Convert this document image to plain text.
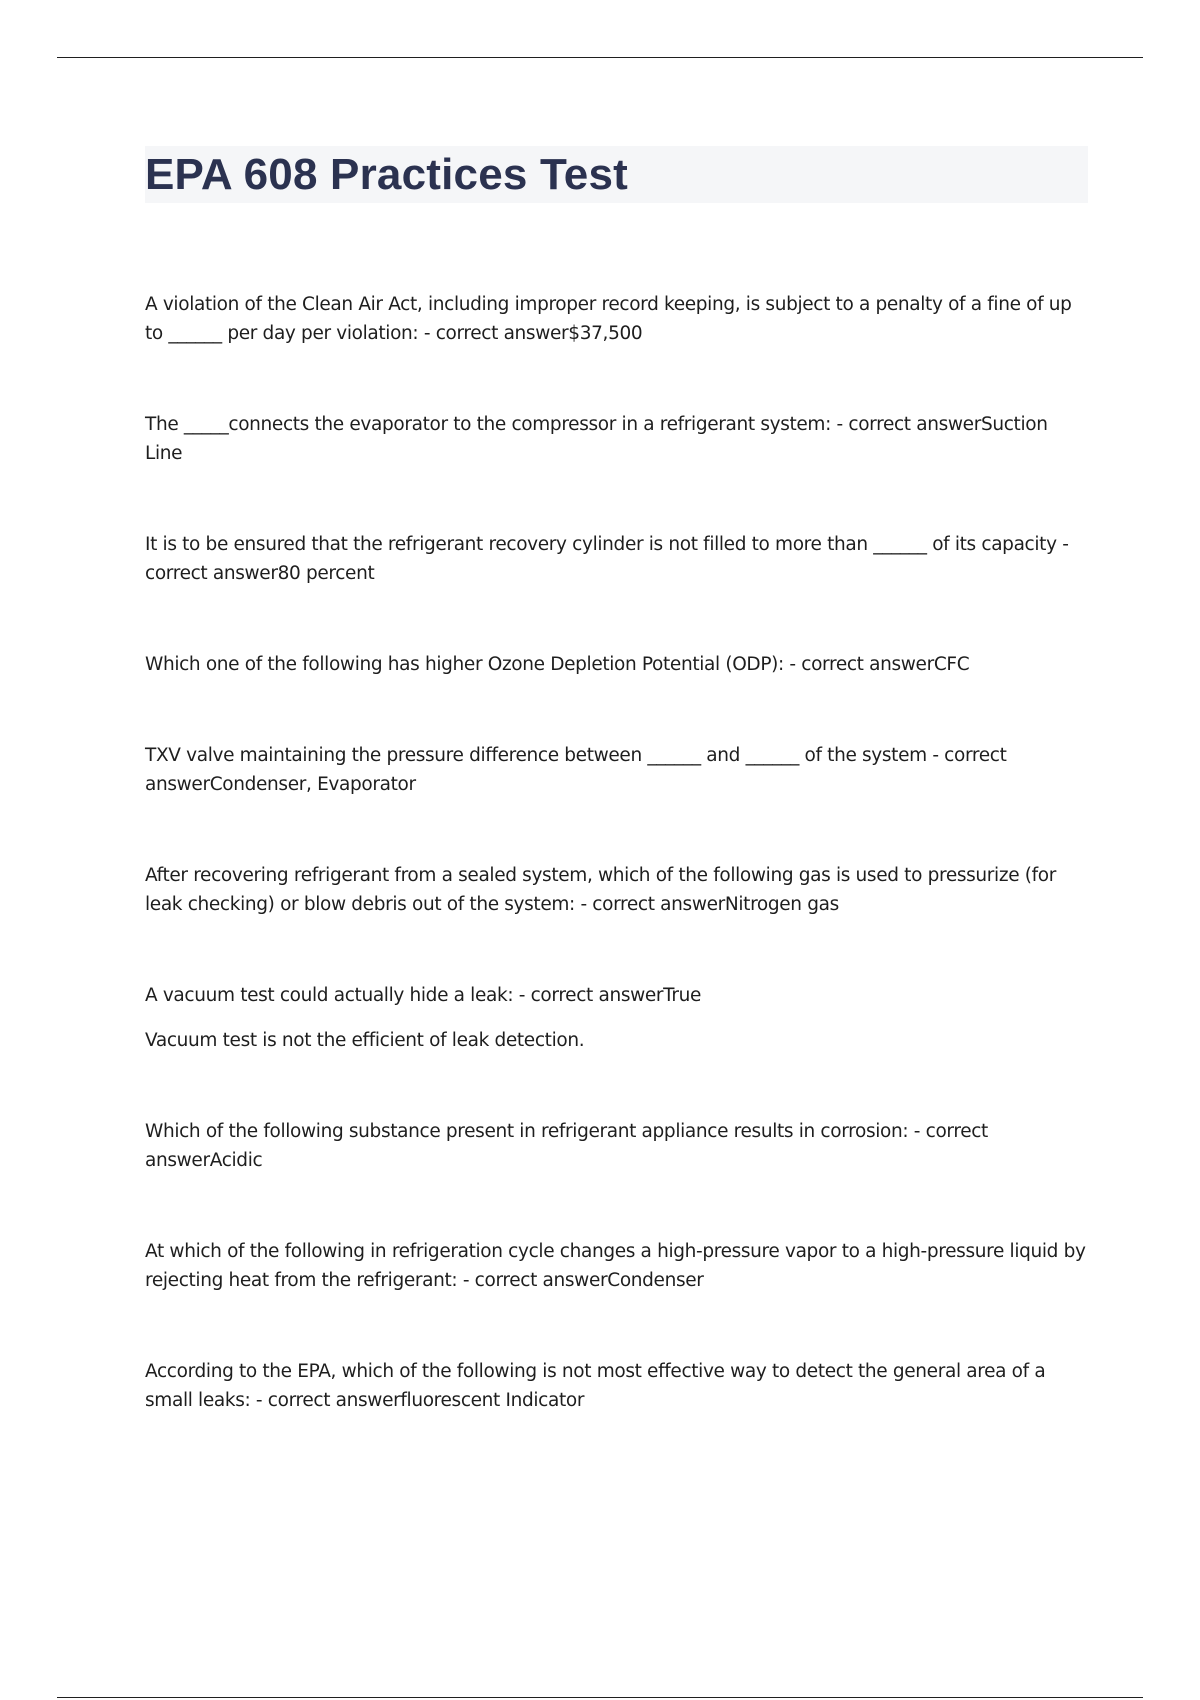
EPA 608 Practices Test

A violation of the Clean Air Act, including improper record keeping, is subject to a penalty of a fine of up to ______ per day per violation: - correct answer$37,500

The _____connects the evaporator to the compressor in a refrigerant system: - correct answerSuction Line

It is to be ensured that the refrigerant recovery cylinder is not filled to more than ______ of its capacity - correct answer80 percent

Which one of the following has higher Ozone Depletion Potential (ODP): - correct answerCFC

TXV valve maintaining the pressure difference between ______ and ______ of the system - correct answerCondenser, Evaporator

After recovering refrigerant from a sealed system, which of the following gas is used to pressurize (for leak checking) or blow debris out of the system: - correct answerNitrogen gas

A vacuum test could actually hide a leak: - correct answerTrue

Vacuum test is not the efficient of leak detection.

Which of the following substance present in refrigerant appliance results in corrosion: - correct answerAcidic

At which of the following in refrigeration cycle changes a high-pressure vapor to a high-pressure liquid by rejecting heat from the refrigerant: - correct answerCondenser

According to the EPA, which of the following is not most effective way to detect the general area of a small leaks: - correct answerfluorescent Indicator
